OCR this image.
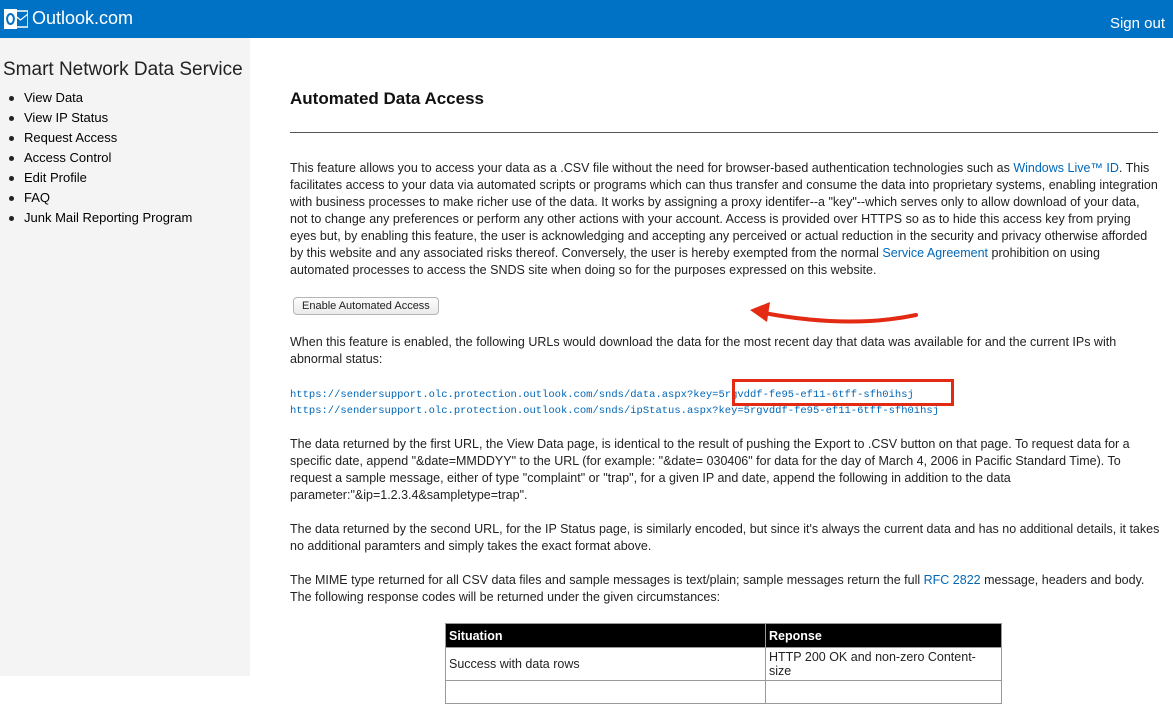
Outlook.com	Sign out
Smart Network Data Service
View Data
View IP Status
Request Access
Access Control
Edit Profile
FAQ
Junk Mail Reporting Program
Automated Data Access
This feature allows you to access your data as a .CSV file without the need for browser-based authentication technologies such as Windows Live™ ID. This facilitates access to your data via automated scripts or programs which can thus transfer and consume the data into proprietary systems, enabling integration with business processes to make richer use of the data. It works by assigning a proxy identifer--a "key"--which serves only to allow download of your data, not to change any preferences or perform any other actions with your account. Access is provided over HTTPS so as to hide this access key from prying eyes but, by enabling this feature, the user is acknowledging and accepting any perceived or actual reduction in the security and privacy otherwise afforded by this website and any associated risks thereof. Conversely, the user is hereby exempted from the normal Service Agreement prohibition on using automated processes to access the SNDS site when doing so for the purposes expressed on this website.
Enable Automated Access
When this feature is enabled, the following URLs would download the data for the most recent day that data was available for and the current IPs with abnormal status:
https://sendersupport.olc.protection.outlook.com/snds/data.aspx?key=5rgvddf-fe95-ef11-6tff-sfh0ihsj
https://sendersupport.olc.protection.outlook.com/snds/ipStatus.aspx?key=5rgvddf-fe95-ef11-6tff-sfh0ihsj
The data returned by the first URL, the View Data page, is identical to the result of pushing the Export to .CSV button on that page. To request data for a specific date, append "&date=MMDDYY" to the URL (for example: "&date= 030406" for data for the day of March 4, 2006 in Pacific Standard Time). To request a sample message, either of type "complaint" or "trap", for a given IP and date, append the following in addition to the data parameter:"&ip=1.2.3.4&sampletype=trap".
The data returned by the second URL, for the IP Status page, is similarly encoded, but since it's always the current data and has no additional details, it takes no additional paramters and simply takes the exact format above.
The MIME type returned for all CSV data files and sample messages is text/plain; sample messages return the full RFC 2822 message, headers and body. The following response codes will be returned under the given circumstances:
Situation	Reponse
Success with data rows	HTTP 200 OK and non-zero Content-size
